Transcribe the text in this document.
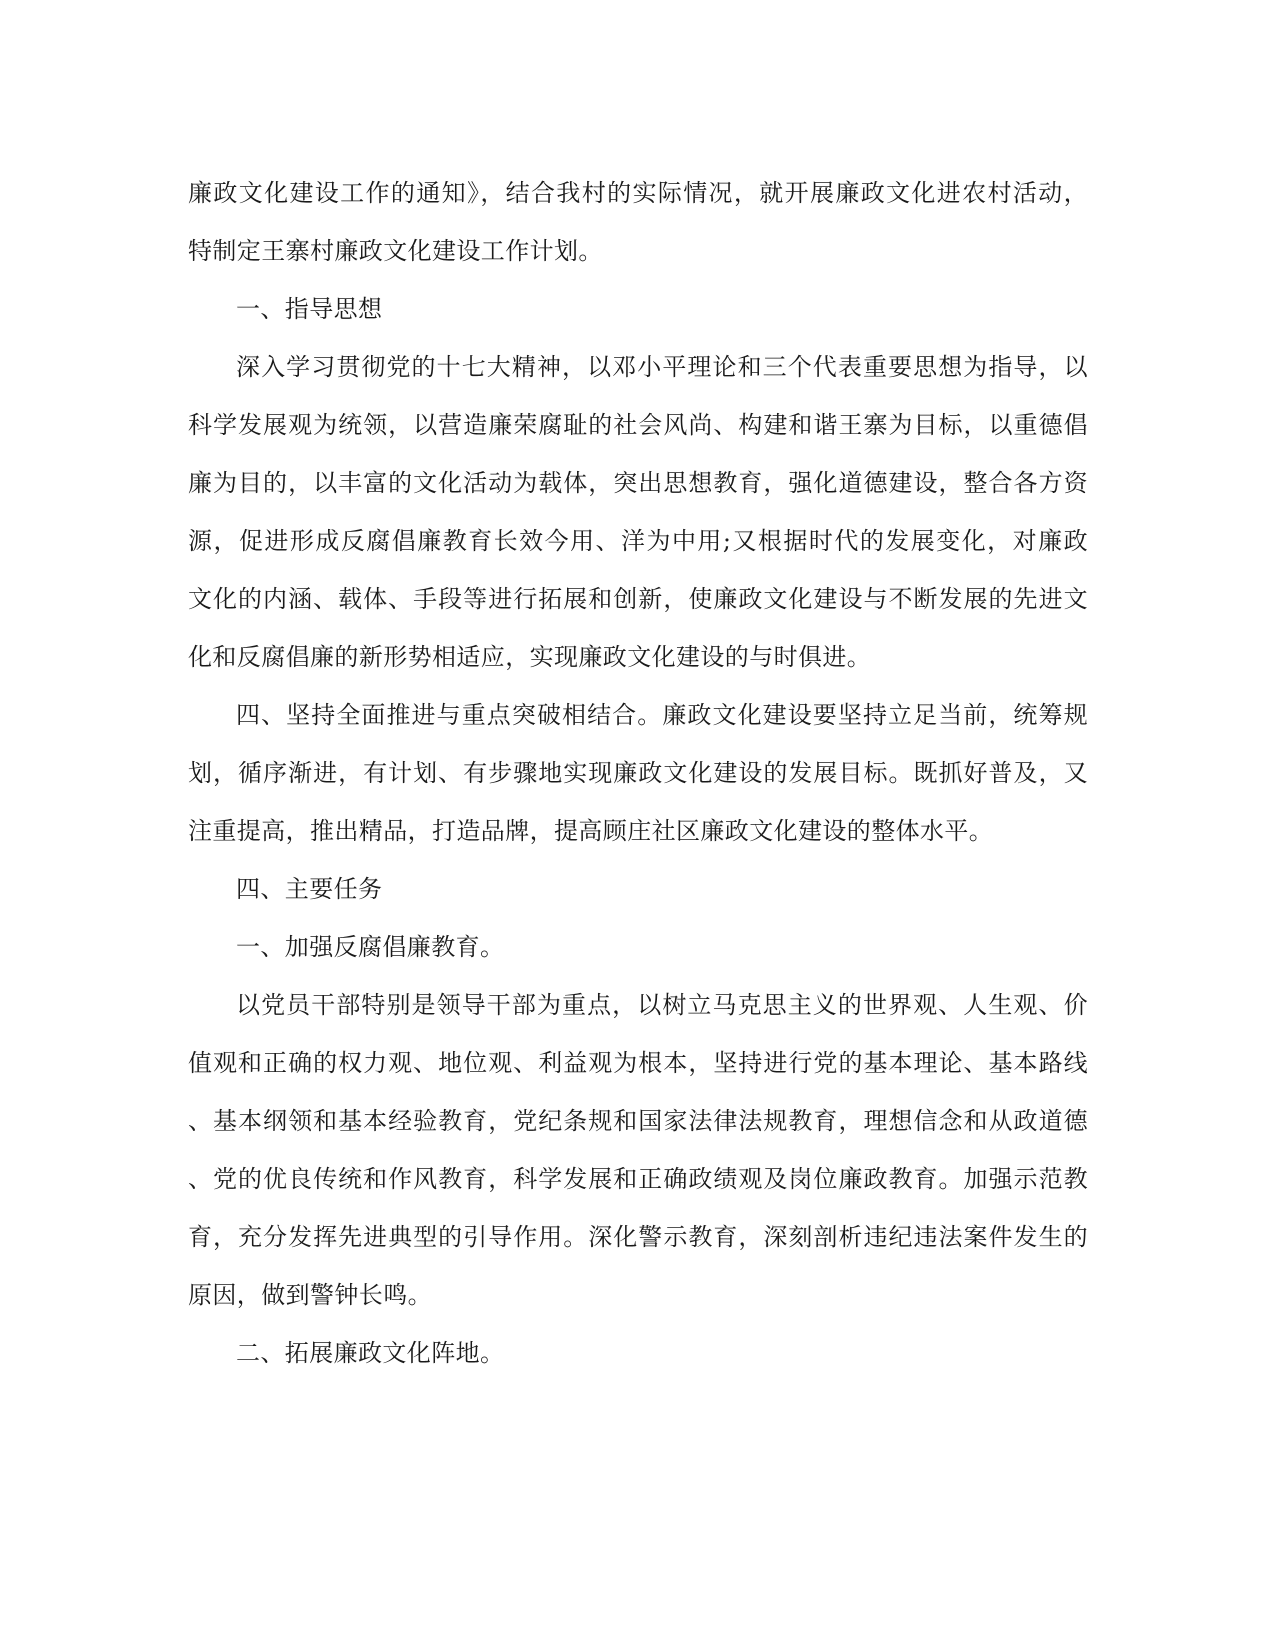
廉政文化建设工作的通知》，结合我村的实际情况，就开展廉政文化进农村活动，
特制定王寨村廉政文化建设工作计划。
一、指导思想
深入学习贯彻党的十七大精神，以邓小平理论和三个代表重要思想为指导，以
科学发展观为统领，以营造廉荣腐耻的社会风尚、构建和谐王寨为目标，以重德倡
廉为目的，以丰富的文化活动为载体，突出思想教育，强化道德建设，整合各方资
源，促进形成反腐倡廉教育长效今用、洋为中用;又根据时代的发展变化，对廉政
文化的内涵、载体、手段等进行拓展和创新，使廉政文化建设与不断发展的先进文
化和反腐倡廉的新形势相适应，实现廉政文化建设的与时俱进。
四、坚持全面推进与重点突破相结合。廉政文化建设要坚持立足当前，统筹规
划，循序渐进，有计划、有步骤地实现廉政文化建设的发展目标。既抓好普及，又
注重提高，推出精品，打造品牌，提高顾庄社区廉政文化建设的整体水平。
四、主要任务
一、加强反腐倡廉教育。
以党员干部特别是领导干部为重点，以树立马克思主义的世界观、人生观、价
值观和正确的权力观、地位观、利益观为根本，坚持进行党的基本理论、基本路线
、基本纲领和基本经验教育，党纪条规和国家法律法规教育，理想信念和从政道德
、党的优良传统和作风教育，科学发展和正确政绩观及岗位廉政教育。加强示范教
育，充分发挥先进典型的引导作用。深化警示教育，深刻剖析违纪违法案件发生的
原因，做到警钟长鸣。
二、拓展廉政文化阵地。
